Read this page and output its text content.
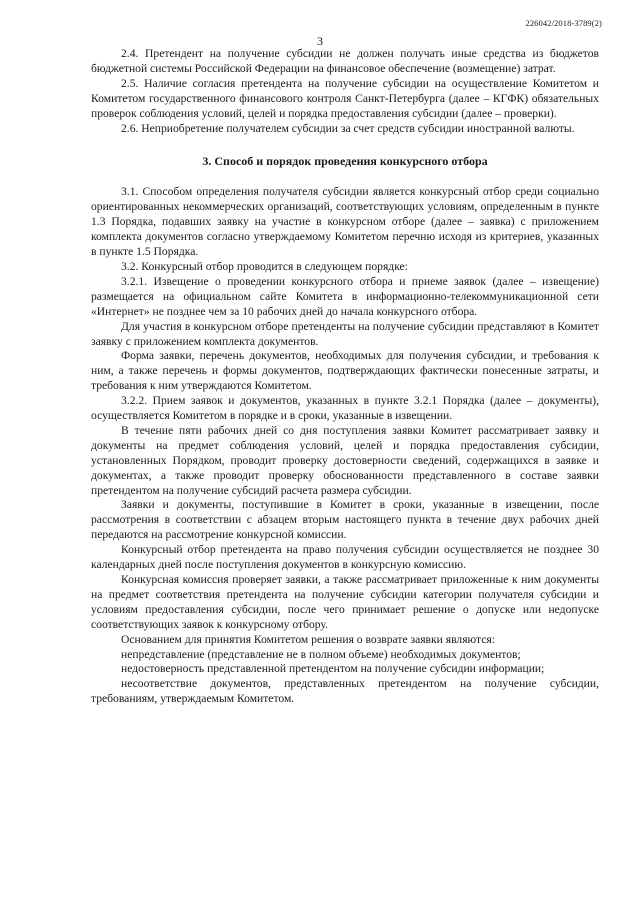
226042/2018-3789(2)
3

2.4. Претендент на получение субсидии не должен получать иные средства из бюджетов бюджетной системы Российской Федерации на финансовое обеспечение (возмещение) затрат.

2.5. Наличие согласия претендента на получение субсидии на осуществление Комитетом и Комитетом государственного финансового контроля Санкт-Петербурга (далее – КГФК) обязательных проверок соблюдения условий, целей и порядка предоставления субсидии (далее – проверки).

2.6. Неприобретение получателем субсидии за счет средств субсидии иностранной валюты.

3. Способ и порядок проведения конкурсного отбора

3.1. Способом определения получателя субсидии является конкурсный отбор среди социально ориентированных некоммерческих организаций, соответствующих условиям, определенным в пункте 1.3 Порядка, подавших заявку на участие в конкурсном отборе (далее – заявка) с приложением комплекта документов согласно утверждаемому Комитетом перечню исходя из критериев, указанных в пункте 1.5 Порядка.

3.2. Конкурсный отбор проводится в следующем порядке:

3.2.1. Извещение о проведении конкурсного отбора и приеме заявок (далее – извещение) размещается на официальном сайте Комитета в информационно-телекоммуникационной сети «Интернет» не позднее чем за 10 рабочих дней до начала конкурсного отбора.

Для участия в конкурсном отборе претенденты на получение субсидии представляют в Комитет заявку с приложением комплекта документов.

Форма заявки, перечень документов, необходимых для получения субсидии, и требования к ним, а также перечень и формы документов, подтверждающих фактически понесенные затраты, и требования к ним утверждаются Комитетом.

3.2.2. Прием заявок и документов, указанных в пункте 3.2.1 Порядка (далее – документы), осуществляется Комитетом в порядке и в сроки, указанные в извещении.

В течение пяти рабочих дней со дня поступления заявки Комитет рассматривает заявку и документы на предмет соблюдения условий, целей и порядка предоставления субсидии, установленных Порядком, проводит проверку достоверности сведений, содержащихся в заявке и документах, а также проводит проверку обоснованности представленного в составе заявки претендентом на получение субсидий расчета размера субсидии.

Заявки и документы, поступившие в Комитет в сроки, указанные в извещении, после рассмотрения в соответствии с абзацем вторым настоящего пункта в течение двух рабочих дней передаются на рассмотрение конкурсной комиссии.

Конкурсный отбор претендента на право получения субсидии осуществляется не позднее 30 календарных дней после поступления документов в конкурсную комиссию.

Конкурсная комиссия проверяет заявки, а также рассматривает приложенные к ним документы на предмет соответствия претендента на получение субсидии категории получателя субсидии и условиям предоставления субсидии, после чего принимает решение о допуске или недопуске соответствующих заявок к конкурсному отбору.

Основанием для принятия Комитетом решения о возврате заявки являются:

непредставление (представление не в полном объеме) необходимых документов;

недостоверность представленной претендентом на получение субсидии информации;

несоответствие документов, представленных претендентом на получение субсидии, требованиям, утверждаемым Комитетом.
